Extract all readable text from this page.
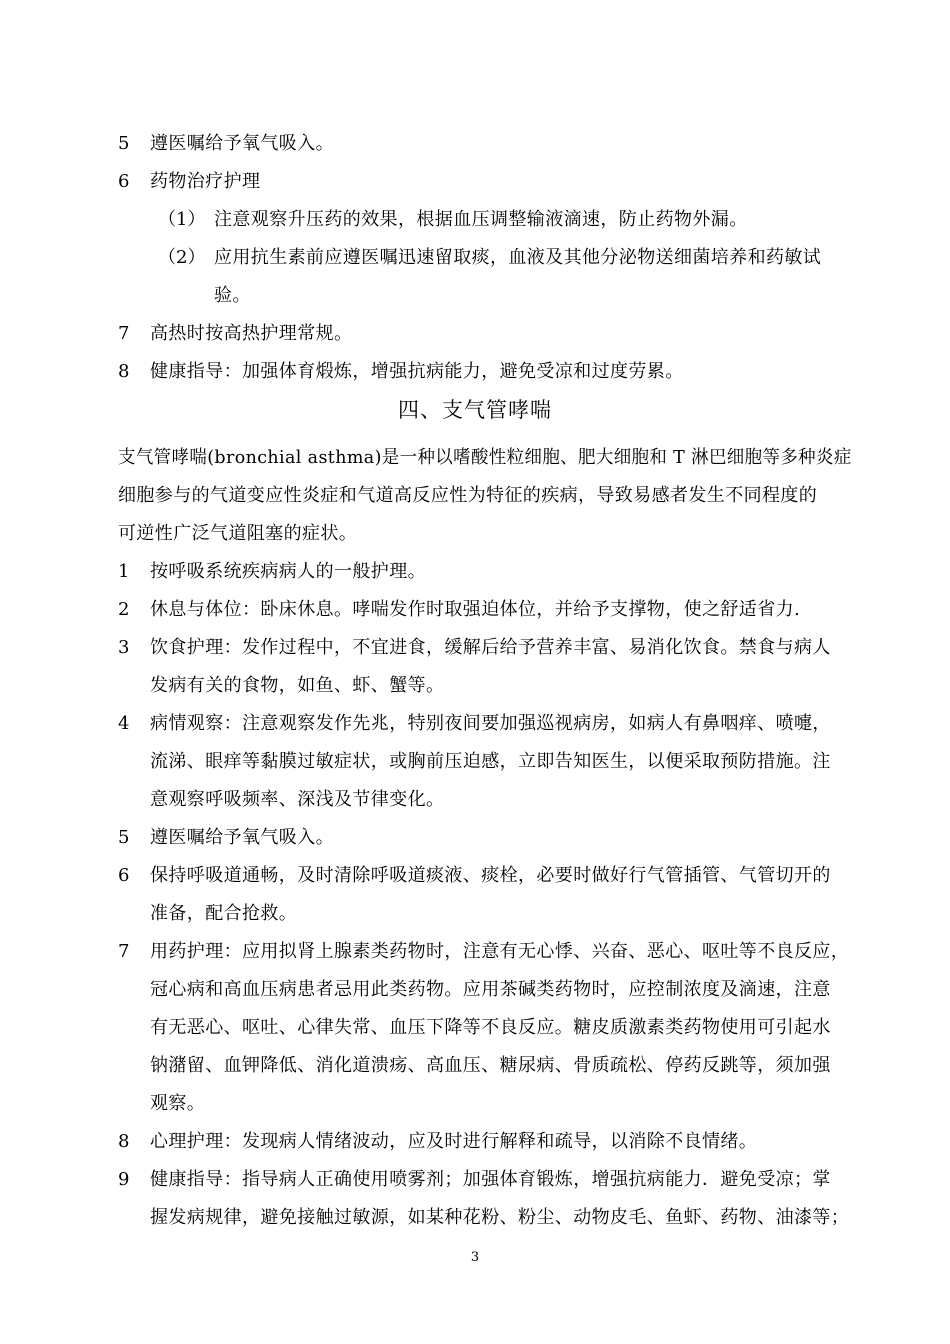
5 遵医嘱给予氧气吸入。
6 药物治疗护理
（1） 注意观察升压药的效果，根据血压调整输液滴速，防止药物外漏。
（2） 应用抗生素前应遵医嘱迅速留取痰，血液及其他分泌物送细菌培养和药敏试
验。
7 高热时按高热护理常规。
8 健康指导：加强体育煅炼，增强抗病能力，避免受凉和过度劳累。
四、支气管哮喘
支气管哮喘(bronchial asthma)是一种以嗜酸性粒细胞、肥大细胞和 T 淋巴细胞等多种炎症
细胞参与的气道变应性炎症和气道高反应性为特征的疾病，导致易感者发生不同程度的
可逆性广泛气道阻塞的症状。
1 按呼吸系统疾病病人的一般护理。
2 休息与体位：卧床休息。哮喘发作时取强迫体位，并给予支撑物，使之舒适省力.
3 饮食护理：发作过程中，不宜进食，缓解后给予营养丰富、易消化饮食。禁食与病人
发病有关的食物，如鱼、虾、蟹等。
4 病情观察：注意观察发作先兆，特别夜间要加强巡视病房，如病人有鼻咽痒、喷嚏，
流涕、眼痒等黏膜过敏症状，或胸前压迫感，立即告知医生，以便采取预防措施。注
意观察呼吸频率、深浅及节律变化。
5 遵医嘱给予氧气吸入。
6 保持呼吸道通畅，及时清除呼吸道痰液、痰栓，必要时做好行气管插管、气管切开的
准备，配合抢救。
7 用药护理：应用拟肾上腺素类药物时，注意有无心悸、兴奋、恶心、呕吐等不良反应，
冠心病和高血压病患者忌用此类药物。应用茶碱类药物时，应控制浓度及滴速，注意
有无恶心、呕吐、心律失常、血压下降等不良反应。糖皮质激素类药物使用可引起水
钠潴留、血钾降低、消化道溃疡、高血压、糖尿病、骨质疏松、停药反跳等，须加强
观察。
8 心理护理：发现病人情绪波动，应及时进行解释和疏导，以消除不良情绪。
9 健康指导：指导病人正确使用喷雾剂；加强体育锻炼，增强抗病能力．避免受凉；掌
握发病规律，避免接触过敏源，如某种花粉、粉尘、动物皮毛、鱼虾、药物、油漆等；
3
